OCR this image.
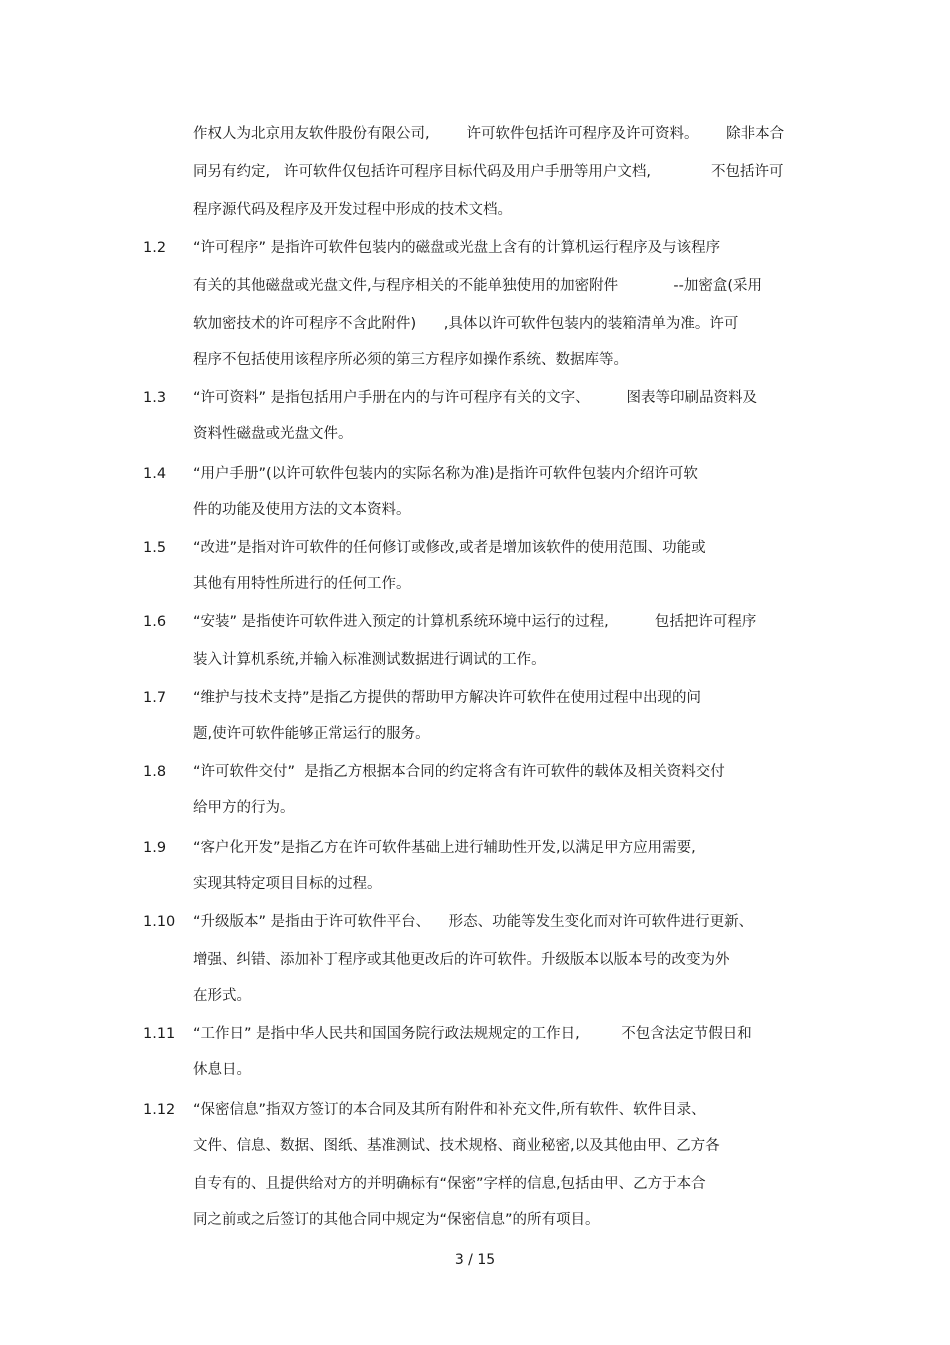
作权人为北京用友软件股份有限公司,        许可软件包括许可程序及许可资料。      除非本合
同另有约定,   许可软件仅包括许可程序目标代码及用户手册等用户文档,             不包括许可
程序源代码及程序及开发过程中形成的技术文档。
1.2 “许可程序” 是指许可软件包装内的磁盘或光盘上含有的计算机运行程序及与该程序
有关的其他磁盘或光盘文件,与程序相关的不能单独使用的加密附件            --加密盒(采用
软加密技术的许可程序不含此附件)      ,具体以许可软件包装内的装箱清单为准。许可
程序不包括使用该程序所必须的第三方程序如操作系统、数据库等。
1.3 “许可资料” 是指包括用户手册在内的与许可程序有关的文字、        图表等印刷品资料及
资料性磁盘或光盘文件。
1.4 “用户手册”(以许可软件包装内的实际名称为准)是指许可软件包装内介绍许可软
件的功能及使用方法的文本资料。
1.5 “改进”是指对许可软件的任何修订或修改,或者是增加该软件的使用范围、功能或
其他有用特性所进行的任何工作。
1.6 “安装” 是指使许可软件进入预定的计算机系统环境中运行的过程,          包括把许可程序
装入计算机系统,并输入标准测试数据进行调试的工作。
1.7 “维护与技术支持”是指乙方提供的帮助甲方解决许可软件在使用过程中出现的问
题,使许可软件能够正常运行的服务。
1.8 “许可软件交付”  是指乙方根据本合同的约定将含有许可软件的载体及相关资料交付
给甲方的行为。
1.9 “客户化开发”是指乙方在许可软件基础上进行辅助性开发,以满足甲方应用需要,
实现其特定项目目标的过程。
1.10 “升级版本” 是指由于许可软件平台、    形态、功能等发生变化而对许可软件进行更新、
增强、纠错、添加补丁程序或其他更改后的许可软件。升级版本以版本号的改变为外
在形式。
1.11 “工作日” 是指中华人民共和国国务院行政法规规定的工作日,         不包含法定节假日和
休息日。
1.12 “保密信息”指双方签订的本合同及其所有附件和补充文件,所有软件、软件目录、
文件、信息、数据、图纸、基准测试、技术规格、商业秘密,以及其他由甲、乙方各
自专有的、且提供给对方的并明确标有“保密”字样的信息,包括由甲、乙方于本合
同之前或之后签订的其他合同中规定为“保密信息”的所有项目。
3 / 15
